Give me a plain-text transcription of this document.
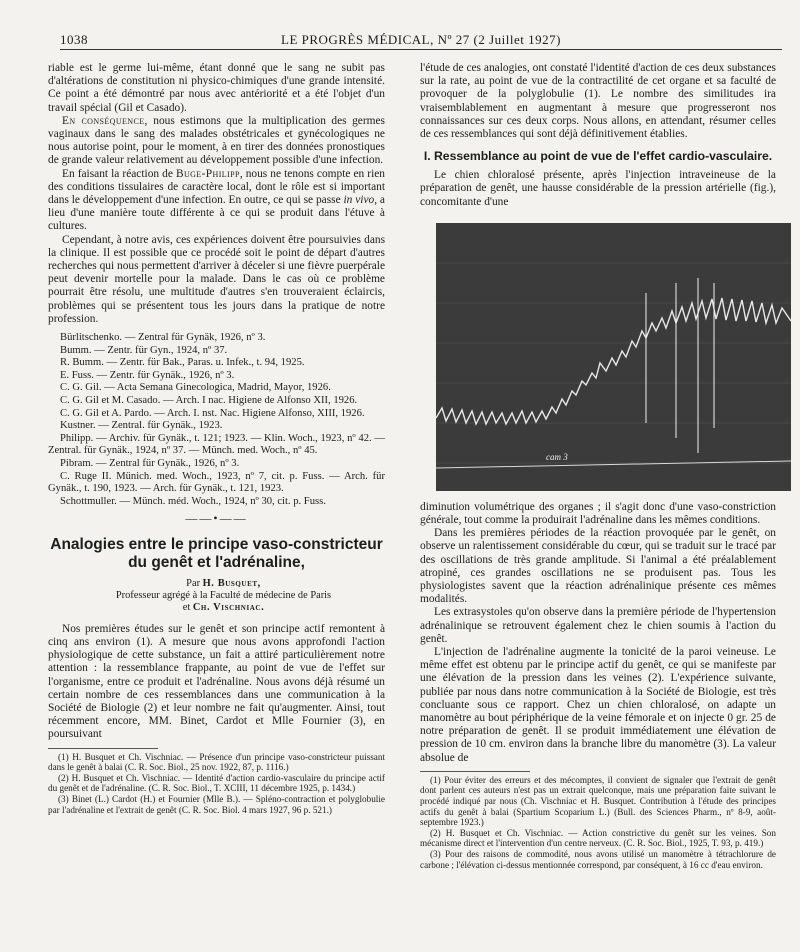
1038	LE PROGRÈS MÉDICAL, Nº 27 (2 Juillet 1927)

riable est le germe lui-même, étant donné que le sang ne subit pas d'altérations de constitution ni physico-chimiques d'une grande intensité. Ce point a été démontré par nous avec antériorité et a été l'objet d'un travail spécial (Gil et Casado).

En conséquence, nous estimons que la multiplication des germes vaginaux dans le sang des malades obstétricales et gynécologiques ne nous autorise point, pour le moment, à en tirer des données pronostiques de grande valeur relativement au développement possible d'une infection.

En faisant la réaction de Buge-Philipp, nous ne tenons compte en rien des conditions tissulaires de caractère local, dont le rôle est si important dans le développement d'une infection. En outre, ce qui se passe in vivo, a lieu d'une manière toute différente à ce qui se produit dans l'étuve à cultures.

Cependant, à notre avis, ces expériences doivent être poursuivies dans la clinique. Il est possible que ce procédé soit le point de départ d'autres recherches qui nous permettent d'arriver à déceler si une fièvre puerpérale peut devenir mortelle pour la malade. Dans le cas où ce problème pourrait être résolu, une multitude d'autres s'en trouveraient éclaircis, problèmes qui se présentent tous les jours dans la pratique de notre profession.

Bürlitschenko. — Zentral für Gynäk, 1926, nº 3.

Bumm. — Zentr. für Gyn., 1924, nº 37.

R. Bumm. — Zentr. für Bak., Paras. u. Infek., t. 94, 1925.

E. Fuss. — Zentr. für Gynäk., 1926, nº 3.

C. G. Gil. — Acta Semana Ginecologica, Madrid, Mayor, 1926.

C. G. Gil et M. Casado. — Arch. I nac. Higiene de Alfonso XII, 1926.

C. G. Gil et A. Pardo. — Arch. I. nst. Nac. Higiene Alfonso, XIII, 1926.

Kustner. — Zentral. für Gynäk., 1923.

Philipp. — Archiv. für Gynäk., t. 121; 1923. — Klin. Woch., 1923, nº 42. — Zentral. für Gynäk., 1924, nº 37. — Münch. med. Woch., nº 45.

Pibram. — Zentral für Gynäk., 1926, nº 3.

C. Ruge II. Münich. med. Woch., 1923, nº 7, cit. p. Fuss. — Arch. für Gynäk., t. 190, 1923. — Arch. für Gynäk., t. 121, 1923.

Schottmuller. — Münch. méd. Woch., 1924, nº 30, cit. p. Fuss.

——•——
Analogies entre le principe vaso-constricteur du genêt et l'adrénaline,

Par H. Busquet,

Professeur agrégé à la Faculté de médecine de Paris

et Ch. Vischniac.

Nos premières études sur le genêt et son principe actif remontent à cinq ans environ (1). A mesure que nous avons approfondi l'action physiologique de cette substance, un fait a attiré particulièrement notre attention : la ressemblance frappante, au point de vue de l'effet sur l'organisme, entre ce produit et l'adrénaline. Nous avons déjà résumé un certain nombre de ces ressemblances dans une communication à la Société de Biologie (2) et leur nombre ne fait qu'augmenter. Ainsi, tout récemment encore, MM. Binet, Cardot et Mlle Fournier (3), en poursuivant

(1) H. Busquet et Ch. Vischniac. — Présence d'un principe vaso-constricteur puissant dans le genêt à balai (C. R. Soc. Biol., 25 nov. 1922, 87, p. 1116.)

(2) H. Busquet et Ch. Vischniac. — Identité d'action cardio-vasculaire du principe actif du genêt et de l'adrénaline. (C. R. Soc. Biol., T. XCIII, 11 décembre 1925, p. 1434.)

(3) Binet (L.) Cardot (H.) et Fournier (Mlle B.). — Spléno-contraction et polyglobulie par l'adrénaline et l'extrait de genêt (C. R. Soc. Biol. 4 mars 1927, 96 p. 521.)

l'étude de ces analogies, ont constaté l'identité d'action de ces deux substances sur la rate, au point de vue de la contractilité de cet organe et sa faculté de provoquer de la polyglobulie (1). Le nombre des similitudes ira vraisemblablement en augmentant à mesure que progresseront nos connaissances sur ces deux corps. Nous allons, en attendant, résumer celles de ces ressemblances qui sont déjà définitivement établies.

I. Ressemblance au point de vue de l'effet cardio-vasculaire.

Le chien chloralosé présente, après l'injection intraveineuse de la préparation de genêt, une hausse considérable de la pression artérielle (fig.), concomitante d'une

cam 3

diminution volumétrique des organes ; il s'agit donc d'une vaso-constriction générale, tout comme la produirait l'adrénaline dans les mêmes conditions.

Dans les premières périodes de la réaction provoquée par le genêt, on observe un ralentissement considérable du cœur, qui se traduit sur le tracé par des oscillations de très grande amplitude. Si l'animal a été préalablement atropiné, ces grandes oscillations ne se produisent pas. Tous les physiologistes savent que la réaction adrénalinique présente ces mêmes modalités.

Les extrasystoles qu'on observe dans la première période de l'hypertension adrénalinique se retrouvent également chez le chien soumis à l'action du genêt.

L'injection de l'adrénaline augmente la tonicité de la paroi veineuse. Le même effet est obtenu par le principe actif du genêt, ce qui se manifeste par une élévation de la pression dans les veines (2). L'expérience suivante, publiée par nous dans notre communication à la Société de Biologie, est très concluante sous ce rapport. Chez un chien chloralosé, on adapte un manomètre au bout périphérique de la veine fémorale et on injecte 0 gr. 25 de notre préparation de genêt. Il se produit immédiatement une élévation de pression de 10 cm. environ dans la branche libre du manomètre (3). La valeur absolue de

(1) Pour éviter des erreurs et des mécomptes, il convient de signaler que l'extrait de genêt dont parlent ces auteurs n'est pas un extrait quelconque, mais une préparation faite suivant le procédé indiqué par nous (Ch. Vischniac et H. Busquet. Contribution à l'étude des principes actifs du genêt à balai (Spartium Scoparium L.) (Bull. des Sciences Pharm., nº 8-9, août-septembre 1923.)

(2) H. Busquet et Ch. Vischniac. — Action constrictive du genêt sur les veines. Son mécanisme direct et l'intervention d'un centre nerveux. (C. R. Soc. Biol., 1925, T. 93, p. 419.)

(3) Pour des raisons de commodité, nous avons utilisé un manomètre à tétrachlorure de carbone ; l'élévation ci-dessus mentionnée correspond, par conséquent, à 16 cc d'eau environ.
